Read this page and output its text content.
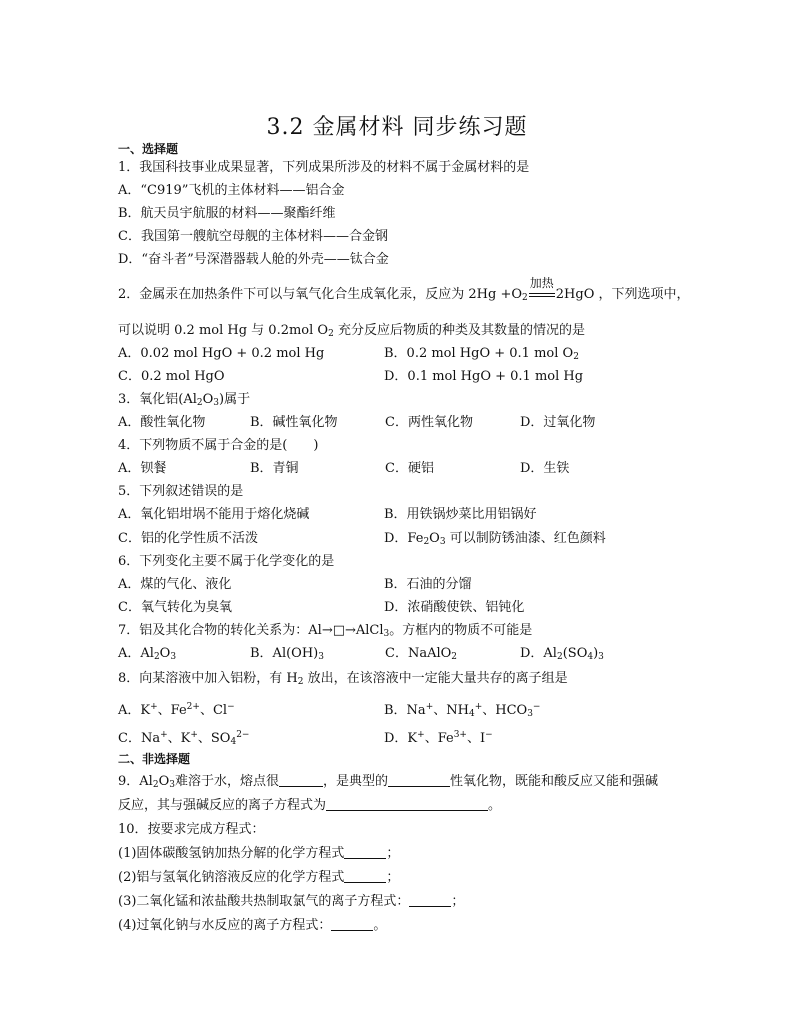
3.2 金属材料 同步练习题
一、选择题
1．我国科技事业成果显著，下列成果所涉及的材料不属于金属材料的是
A．“C919”飞机的主体材料——铝合金
B．航天员宇航服的材料——聚酯纤维
C．我国第一艘航空母舰的主体材料——合金钢
D．“奋斗者”号深潜器载人舱的外壳——钛合金
2．金属汞在加热条件下可以与氧气化合生成氧化汞，反应为 $2Hg +O_2$
加热
2HgO ，下列选项中，
可以说明 0.2 mol Hg 与 0.2mol $O_2$ 充分反应后物质的种类及其数量的情况的是
A．0.02 mol HgO + 0.2 mol Hg	B．0.2 mol HgO + 0.1 mol $O_2$
C．0.2 mol HgO	D．0.1 mol HgO + 0.1 mol Hg
3．氧化铝$(Al_2O_3)$属于
A．酸性氧化物	B．碱性氧化物	C．两性氧化物	D．过氧化物
4．下列物质不属于合金的是(　　)
A．钡餐	B．青铜	C．硬铝	D．生铁
5．下列叙述错误的是
A．氧化铝坩埚不能用于熔化烧碱	B．用铁锅炒菜比用铝锅好
C．铝的化学性质不活泼	D．$Fe_2O_3$ 可以制防锈油漆、红色颜料
6．下列变化主要不属于化学变化的是
A．煤的气化、液化	B．石油的分馏
C．氧气转化为臭氧	D．浓硝酸使铁、铝钝化
7．铝及其化合物的转化关系为：Al→□→AlCl$_3$。方框内的物质不可能是
A．$Al_2O_3$	B．$Al(OH)_3$	C．NaAlO$_2$	D．$Al_2(SO_4)_3$
8．向某溶液中加入铝粉，有 $H_2$ 放出，在该溶液中一定能大量共存的离子组是
A．K+、$Fe^{2+}$、Cl−	B．Na+、$NH_4^+$、$HCO_3^-$
C．Na+、K+、$SO_4^{2-}$	D．K+、$Fe^{3+}$、I−
二、非选择题
9．$Al_2O_3$难溶于水，熔点很	，是典型的	性氧化物，既能和酸反应又能和强碱
反应，其与强碱反应的离子方程式为	。
10．按要求完成方程式：
(1)固体碳酸氢钠加热分解的化学方程式	；
(2)铝与氢氧化钠溶液反应的化学方程式	；
(3)二氧化锰和浓盐酸共热制取氯气的离子方程式：	；
(4)过氧化钠与水反应的离子方程式：	。
